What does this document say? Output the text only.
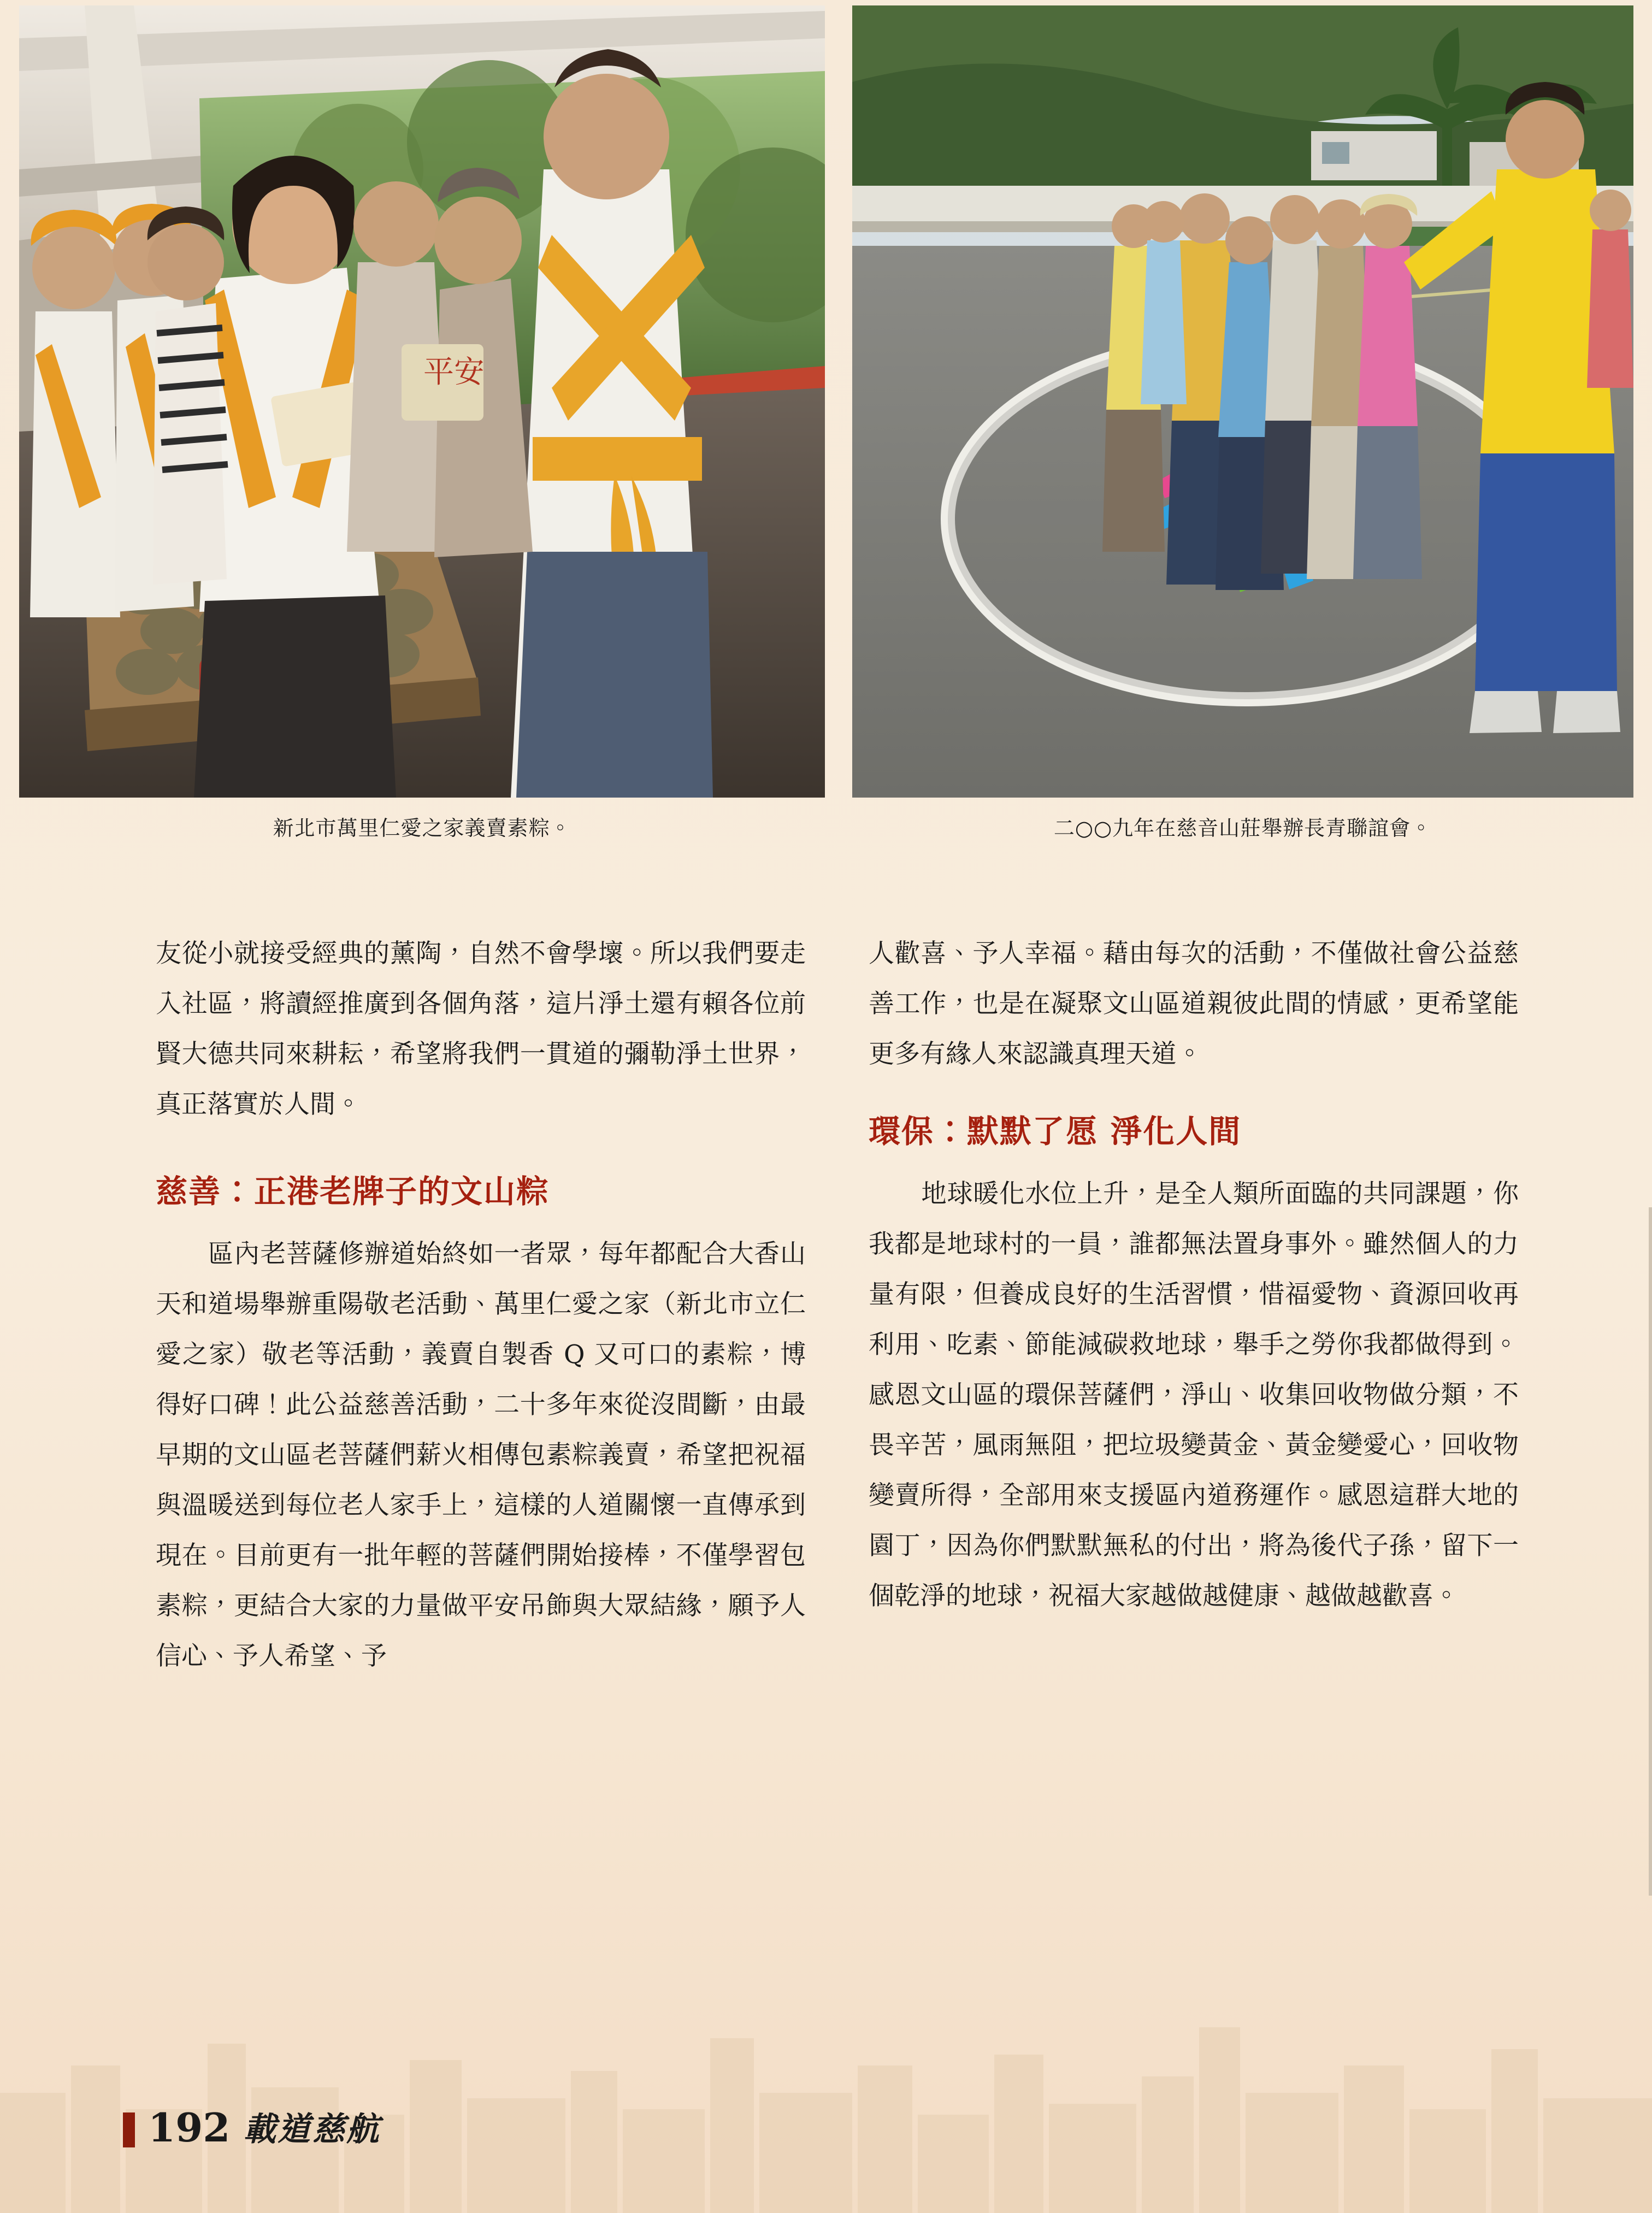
平安
新北市萬里仁愛之家義賣素粽。	二○○九年在慈音山莊舉辦長青聯誼會。

友從小就接受經典的薰陶，自然不會學壞。所以我們要走入社區，將讀經推廣到各個角落，這片淨土還有賴各位前賢大德共同來耕耘，希望將我們一貫道的彌勒淨土世界，真正落實於人間。

慈善：正港老牌子的文山粽

區內老菩薩修辦道始終如一者眾，每年都配合大香山天和道場舉辦重陽敬老活動、萬里仁愛之家（新北市立仁愛之家）敬老等活動，義賣自製香 Q 又可口的素粽，博得好口碑！此公益慈善活動，二十多年來從沒間斷，由最早期的文山區老菩薩們薪火相傳包素粽義賣，希望把祝福與溫暖送到每位老人家手上，這樣的人道關懷一直傳承到現在。目前更有一批年輕的菩薩們開始接棒，不僅學習包素粽，更結合大家的力量做平安吊飾與大眾結緣，願予人信心、予人希望、予

人歡喜、予人幸福。藉由每次的活動，不僅做社會公益慈善工作，也是在凝聚文山區道親彼此間的情感，更希望能更多有緣人來認識真理天道。

環保：默默了愿 淨化人間

地球暖化水位上升，是全人類所面臨的共同課題，你我都是地球村的一員，誰都無法置身事外。雖然個人的力量有限，但養成良好的生活習慣，惜福愛物、資源回收再利用、吃素、節能減碳救地球，舉手之勞你我都做得到。感恩文山區的環保菩薩們，淨山、收集回收物做分類，不畏辛苦，風雨無阻，把垃圾變黃金、黃金變愛心，回收物變賣所得，全部用來支援區內道務運作。感恩這群大地的園丁，因為你們默默無私的付出，將為後代子孫，留下一個乾淨的地球，祝福大家越做越健康、越做越歡喜。

192 載道慈航
